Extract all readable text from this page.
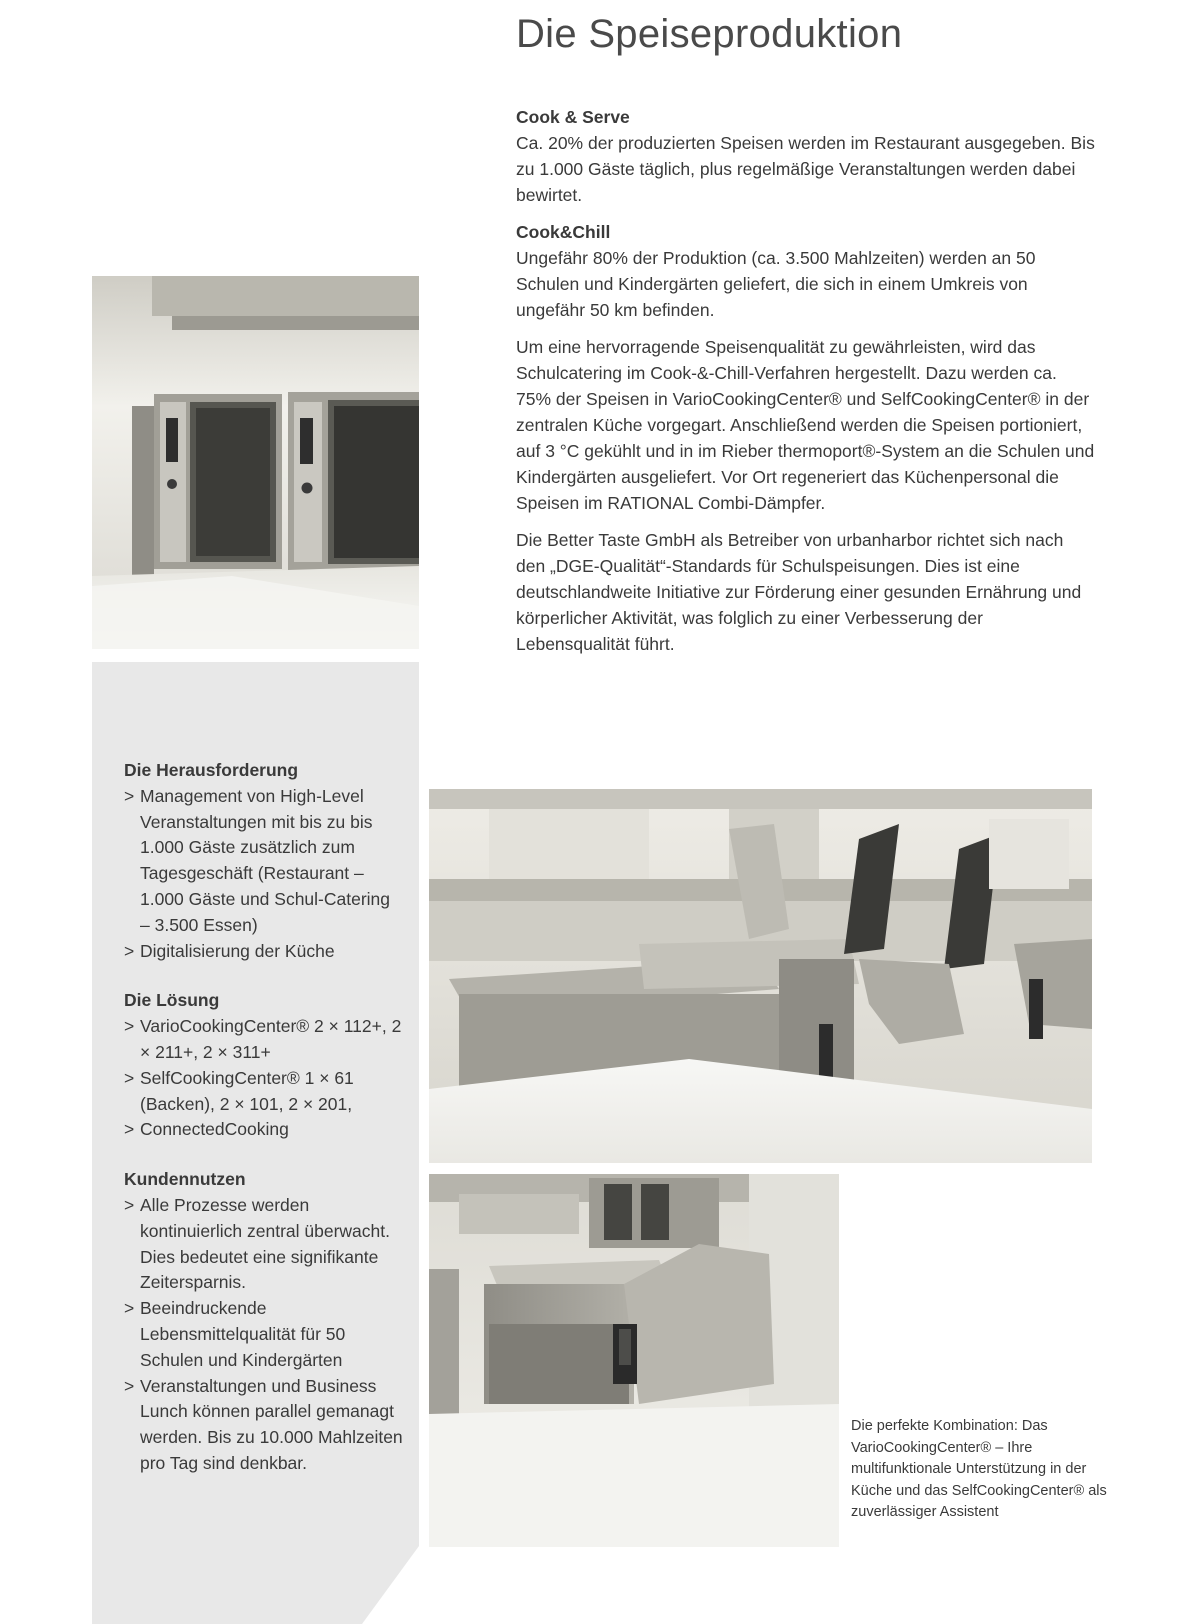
Die Speiseproduktion
Cook & Serve

Ca. 20% der produzierten Speisen werden im Restaurant ausgegeben. Bis zu 1.000 Gäste täglich, plus regelmäßige Veranstaltungen werden dabei bewirtet.

Cook&Chill

Ungefähr 80% der Produktion (ca. 3.500 Mahlzeiten) werden an 50 Schulen und Kindergärten geliefert, die sich in einem Umkreis von ungefähr 50 km befinden.

Um eine hervorragende Speisenqualität zu gewährleisten, wird das Schulcatering im Cook-&-Chill-Verfahren hergestellt. Dazu werden ca. 75% der Speisen in VarioCookingCenter® und SelfCookingCenter® in der zentralen Küche vorgegart. Anschließend werden die Speisen portioniert, auf 3 °C gekühlt und in im Rieber thermoport®-System an die Schulen und Kindergärten ausgeliefert. Vor Ort regeneriert das Küchenpersonal die Speisen im RATIONAL Combi-Dämpfer.

Die Better Taste GmbH als Betreiber von urbanharbor richtet sich nach den „DGE-Qualität“-Standards für Schulspeisungen. Dies ist eine deutschlandweite Initiative zur Förderung einer gesunden Ernährung und körperlicher Aktivität, was folglich zu einer Verbesserung der Lebensqualität führt.

Die Herausforderung
> Management von High-Level Veranstaltungen mit bis zu bis 1.000 Gäste zusätzlich zum Tagesgeschäft (Restaurant – 1.000 Gäste und Schul-Catering – 3.500 Essen)
> Digitalisierung der Küche
Die Lösung
> VarioCookingCenter® 2 × 112+, 2 × 211+, 2 × 311+
> SelfCookingCenter® 1 × 61 (Backen), 2 × 101, 2 × 201,
> ConnectedCooking
Kundennutzen
> Alle Prozesse werden kontinuierlich zentral überwacht. Dies bedeutet eine signifikante Zeitersparnis.
> Beeindruckende Lebensmittelqualität für 50 Schulen und Kindergärten
> Veranstaltungen und Business Lunch können parallel gemanagt werden. Bis zu 10.000 Mahlzeiten pro Tag sind denkbar.
Die perfekte Kombination: Das VarioCookingCenter® – Ihre multifunktionale Unterstützung in der Küche und das SelfCookingCenter® als zuverlässiger Assistent
